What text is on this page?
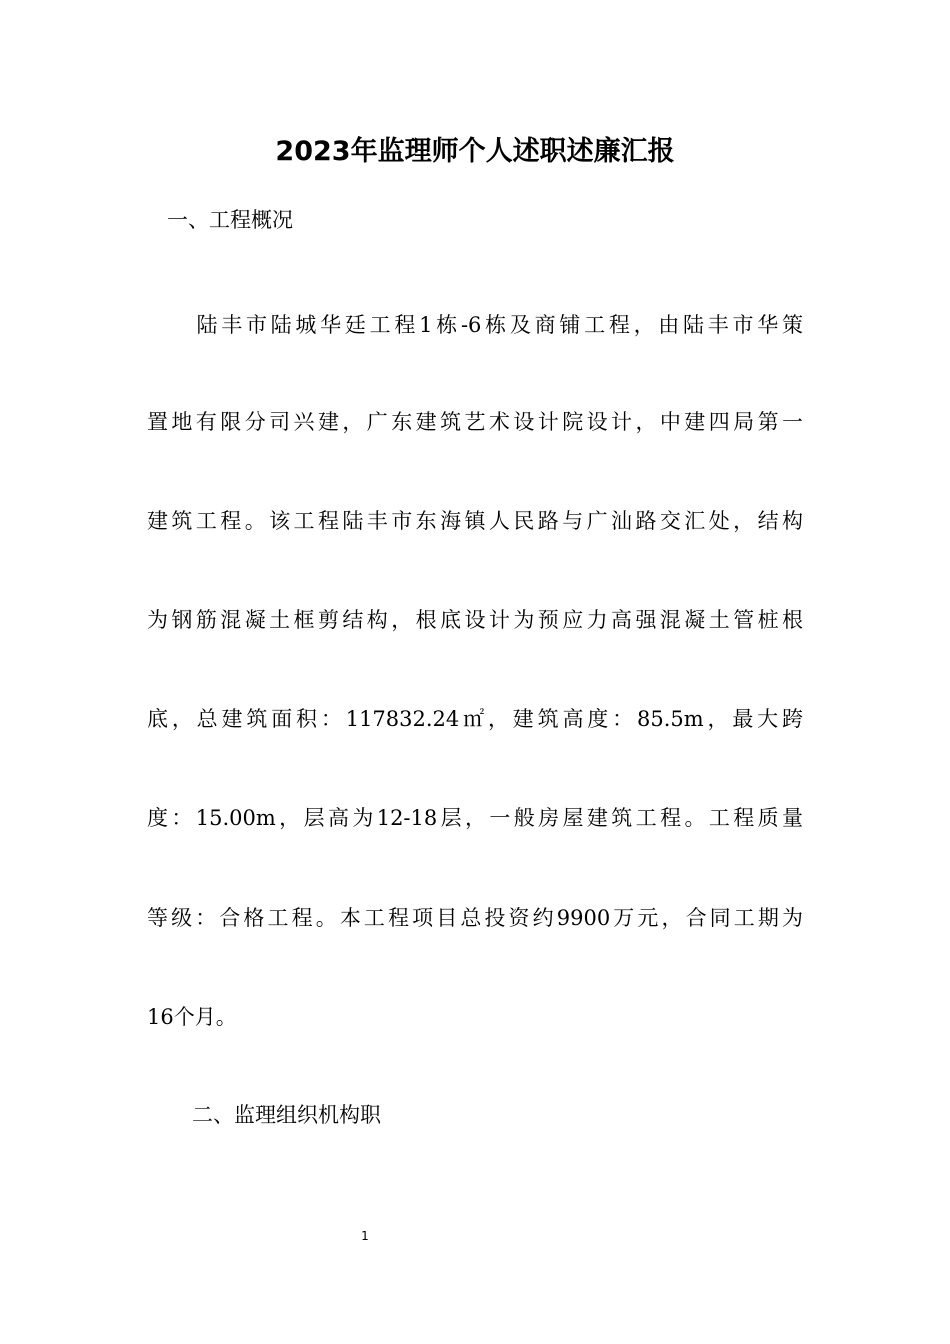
2023年监理师个人述职述廉汇报
一、工程概况
　　陆丰市陆城华廷工程1栋-6栋及商铺工程，由陆丰市华策
置地有限分司兴建，广东建筑艺术设计院设计，中建四局第一
建筑工程。该工程陆丰市东海镇人民路与广汕路交汇处，结构
为钢筋混凝土框剪结构，根底设计为预应力高强混凝土管桩根
底，总建筑面积：117832.24㎡，建筑高度：85.5m，最大跨
度：15.00m，层高为12-18层，一般房屋建筑工程。工程质量
等级：合格工程。本工程项目总投资约9900万元，合同工期为
16个月。
二、监理组织机构职
1
